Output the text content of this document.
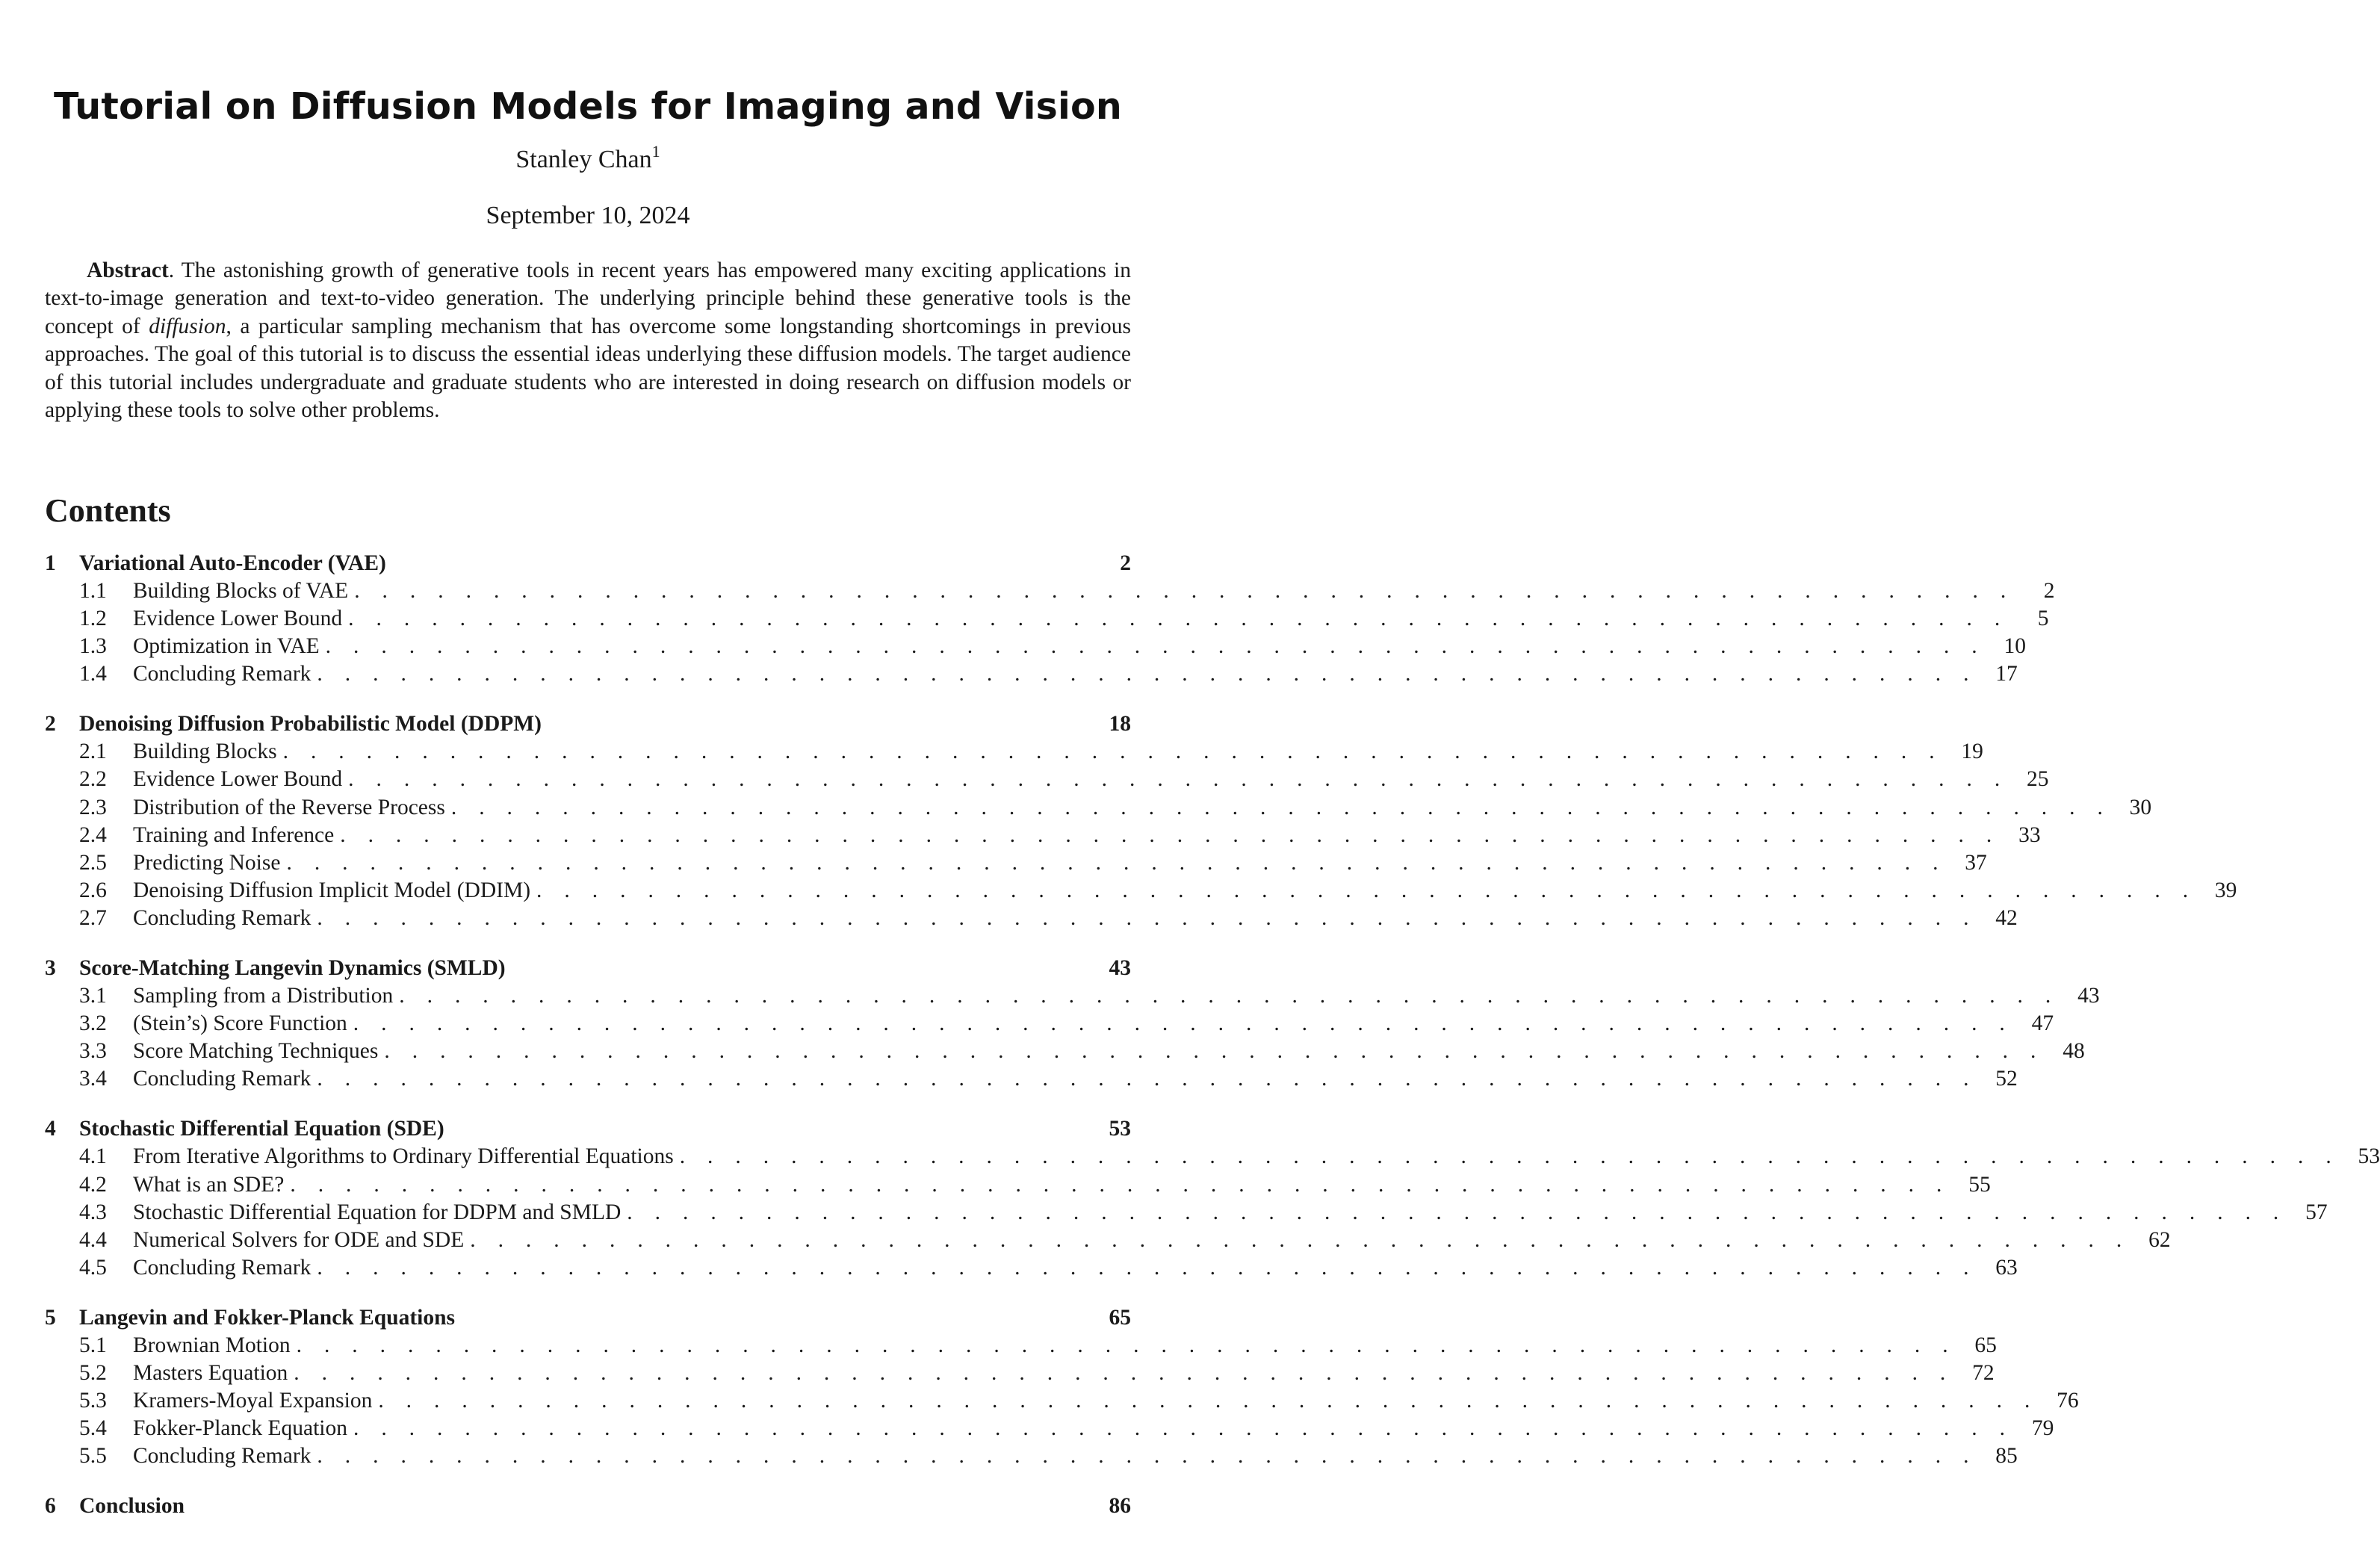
Tutorial on Diffusion Models for Imaging and Vision
Stanley Chan$^1$
September 10, 2024

Abstract. The astonishing growth of generative tools in recent years has empowered many exciting applications in text-to-image generation and text-to-video generation. The underlying principle behind these generative tools is the concept of diffusion, a particular sampling mechanism that has overcome some longstanding shortcomings in previous approaches. The goal of this tutorial is to discuss the essential ideas underlying these diffusion models. The target audience of this tutorial includes undergraduate and graduate students who are interested in doing research on diffusion models or applying these tools to solve other problems.

Contents
1	Variational Auto-Encoder (VAE)	2
1.1	Building Blocks of VAE . . . . . . . . . . . . . . . . . . . . . . . . . . . . . . . . . . . . . . . . . . . . . . . . . . . . . . . . . . . .	2
1.2	Evidence Lower Bound . . . . . . . . . . . . . . . . . . . . . . . . . . . . . . . . . . . . . . . . . . . . . . . . . . . . . . . . . . . .	5
1.3	Optimization in VAE . . . . . . . . . . . . . . . . . . . . . . . . . . . . . . . . . . . . . . . . . . . . . . . . . . . . . . . . . . . . 10
1.4	Concluding Remark . . . . . . . . . . . . . . . . . . . . . . . . . . . . . . . . . . . . . . . . . . . . . . . . . . . . . . . . . . . . 17
2	Denoising Diffusion Probabilistic Model (DDPM)	18
2.1	Building Blocks . . . . . . . . . . . . . . . . . . . . . . . . . . . . . . . . . . . . . . . . . . . . . . . . . . . . . . . . . . . . 19
2.2	Evidence Lower Bound . . . . . . . . . . . . . . . . . . . . . . . . . . . . . . . . . . . . . . . . . . . . . . . . . . . . . . . . . . . . 25
2.3	Distribution of the Reverse Process . . . . . . . . . . . . . . . . . . . . . . . . . . . . . . . . . . . . . . . . . . . . . . . . . . . . . . . . . . . . 30
2.4	Training and Inference . . . . . . . . . . . . . . . . . . . . . . . . . . . . . . . . . . . . . . . . . . . . . . . . . . . . . . . . . . . . 33
2.5	Predicting Noise . . . . . . . . . . . . . . . . . . . . . . . . . . . . . . . . . . . . . . . . . . . . . . . . . . . . . . . . . . . . 37
2.6	Denoising Diffusion Implicit Model (DDIM) . . . . . . . . . . . . . . . . . . . . . . . . . . . . . . . . . . . . . . . . . . . . . . . . . . . . . . . . . . . . 39
2.7	Concluding Remark . . . . . . . . . . . . . . . . . . . . . . . . . . . . . . . . . . . . . . . . . . . . . . . . . . . . . . . . . . . . 42
3	Score-Matching Langevin Dynamics (SMLD)	43
3.1	Sampling from a Distribution . . . . . . . . . . . . . . . . . . . . . . . . . . . . . . . . . . . . . . . . . . . . . . . . . . . . . . . . . . . . 43
3.2	(Stein’s) Score Function . . . . . . . . . . . . . . . . . . . . . . . . . . . . . . . . . . . . . . . . . . . . . . . . . . . . . . . . . . . . 47
3.3	Score Matching Techniques . . . . . . . . . . . . . . . . . . . . . . . . . . . . . . . . . . . . . . . . . . . . . . . . . . . . . . . . . . . . 48
3.4	Concluding Remark . . . . . . . . . . . . . . . . . . . . . . . . . . . . . . . . . . . . . . . . . . . . . . . . . . . . . . . . . . . . 52
4	Stochastic Differential Equation (SDE)	53
4.1	From Iterative Algorithms to Ordinary Differential Equations . . . . . . . . . . . . . . . . . . . . . . . . . . . . . . . . . . . . . . . . . . . . . . . . . . . . . . . . . . . . 53
4.2	What is an SDE? . . . . . . . . . . . . . . . . . . . . . . . . . . . . . . . . . . . . . . . . . . . . . . . . . . . . . . . . . . . . 55
4.3	Stochastic Differential Equation for DDPM and SMLD . . . . . . . . . . . . . . . . . . . . . . . . . . . . . . . . . . . . . . . . . . . . . . . . . . . . . . . . . . . . 57
4.4	Numerical Solvers for ODE and SDE . . . . . . . . . . . . . . . . . . . . . . . . . . . . . . . . . . . . . . . . . . . . . . . . . . . . . . . . . . . . 62
4.5	Concluding Remark . . . . . . . . . . . . . . . . . . . . . . . . . . . . . . . . . . . . . . . . . . . . . . . . . . . . . . . . . . . . 63
5	Langevin and Fokker-Planck Equations	65
5.1	Brownian Motion . . . . . . . . . . . . . . . . . . . . . . . . . . . . . . . . . . . . . . . . . . . . . . . . . . . . . . . . . . . . 65
5.2	Masters Equation . . . . . . . . . . . . . . . . . . . . . . . . . . . . . . . . . . . . . . . . . . . . . . . . . . . . . . . . . . . . 72
5.3	Kramers-Moyal Expansion . . . . . . . . . . . . . . . . . . . . . . . . . . . . . . . . . . . . . . . . . . . . . . . . . . . . . . . . . . . . 76
5.4	Fokker-Planck Equation . . . . . . . . . . . . . . . . . . . . . . . . . . . . . . . . . . . . . . . . . . . . . . . . . . . . . . . . . . . . 79
5.5	Concluding Remark . . . . . . . . . . . . . . . . . . . . . . . . . . . . . . . . . . . . . . . . . . . . . . . . . . . . . . . . . . . . 85
6	Conclusion	86
